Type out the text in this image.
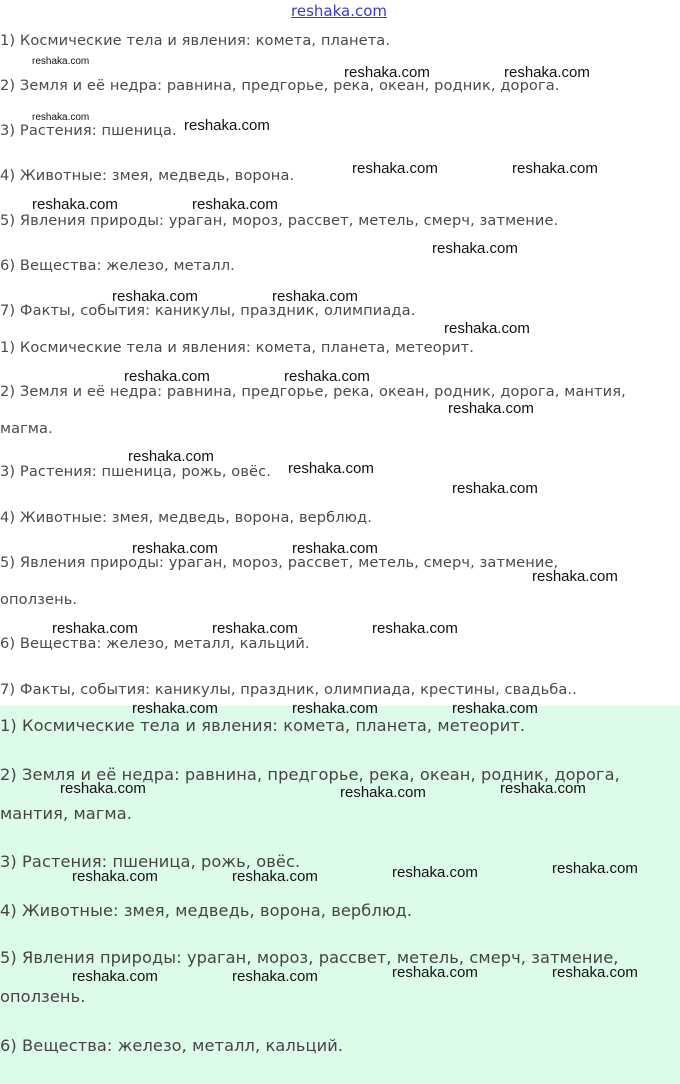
reshaka.com
1) Космические тела и явления: комета, планета.
2) Земля и её недра: равнина, предгорье, река, океан, родник, дорога.
3) Растения: пшеница.
4) Животные: змея, медведь, ворона.
5) Явления природы: ураган, мороз, рассвет, метель, смерч, затмение.
6) Вещества: железо, металл.
7) Факты, события: каникулы, праздник, олимпиада.
1) Космические тела и явления: комета, планета, метеорит.
2) Земля и её недра: равнина, предгорье, река, океан, родник, дорога, мантия,
магма.
3) Растения: пшеница, рожь, овёс.
4) Животные: змея, медведь, ворона, верблюд.
5) Явления природы: ураган, мороз, рассвет, метель, смерч, затмение,
оползень.
6) Вещества: железо, металл, кальций.
7) Факты, события: каникулы, праздник, олимпиада, крестины, свадьба..
1) Космические тела и явления: комета, планета, метеорит.
2) Земля и её недра: равнина, предгорье, река, океан, родник, дорога,
мантия, магма.
3) Растения: пшеница, рожь, овёс.
4) Животные: змея, медведь, ворона, верблюд.
5) Явления природы: ураган, мороз, рассвет, метель, смерч, затмение,
оползень.
6) Вещества: железо, металл, кальций.
reshaka.com
reshaka.com
reshaka.com	reshaka.com
reshaka.com
reshaka.com	reshaka.com
reshaka.com	reshaka.com
reshaka.com
reshaka.com	reshaka.com
reshaka.com
reshaka.com	reshaka.com
reshaka.com
reshaka.com
reshaka.com
reshaka.com
reshaka.com	reshaka.com
reshaka.com
reshaka.com	reshaka.com	reshaka.com
reshaka.com	reshaka.com	reshaka.com
reshaka.com	reshaka.com	reshaka.com
reshaka.com	reshaka.com	reshaka.com	reshaka.com
reshaka.com	reshaka.com	reshaka.com	reshaka.com
